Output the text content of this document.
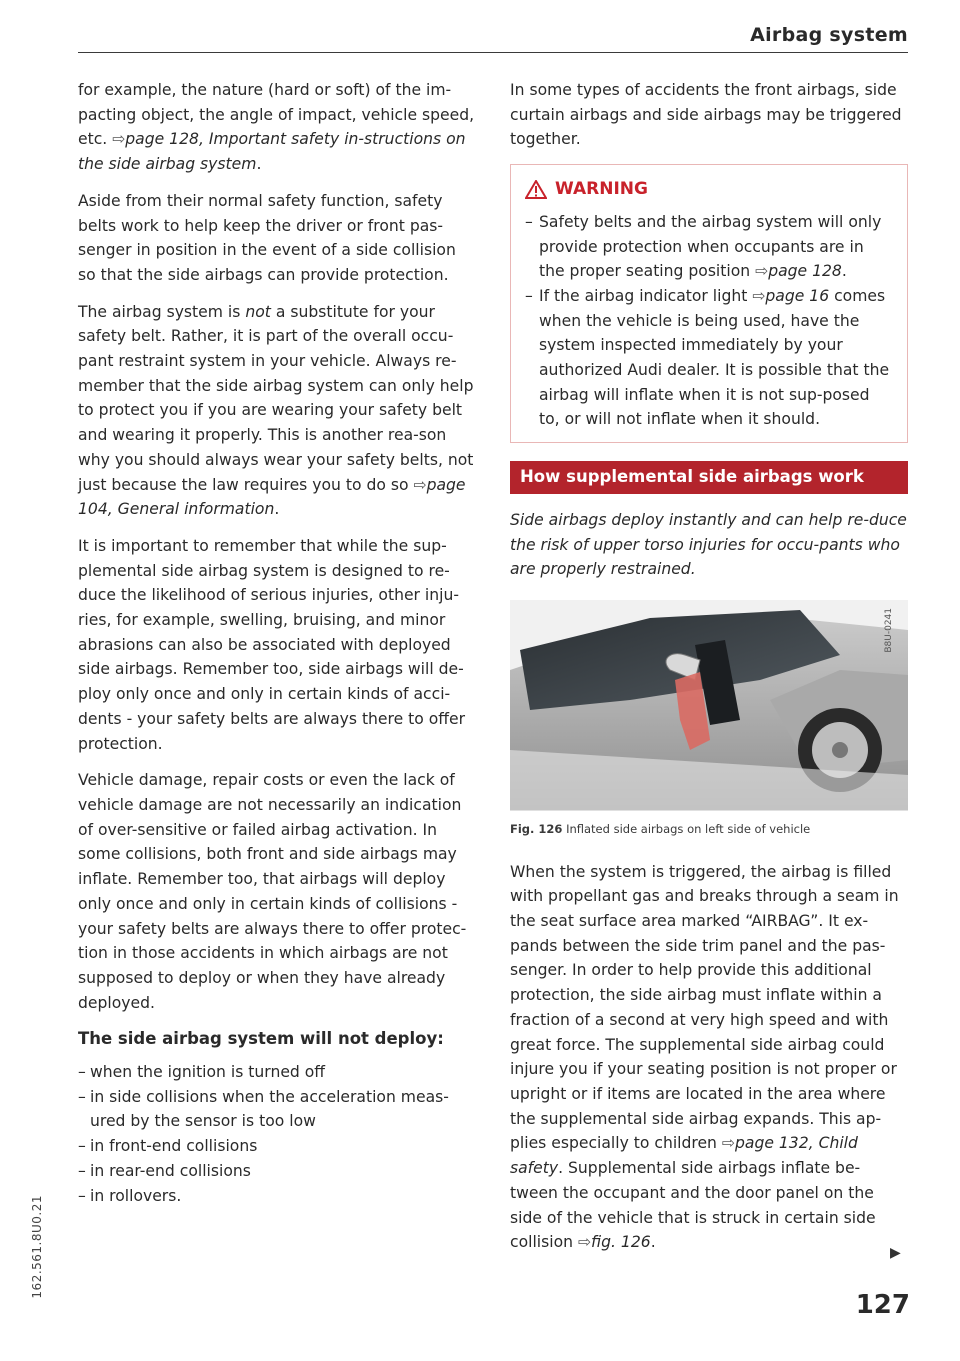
Airbag system

for example, the nature (hard or soft) of the im-pacting object, the angle of impact, vehicle speed, etc. ⇨page 128, Important safety in-structions on the side airbag system.

Aside from their normal safety function, safety belts work to help keep the driver or front pas-senger in position in the event of a side collision so that the side airbags can provide protection.

The airbag system is not a substitute for your safety belt. Rather, it is part of the overall occu-pant restraint system in your vehicle. Always re-member that the side airbag system can only help to protect you if you are wearing your safety belt and wearing it properly. This is another rea-son why you should always wear your safety belts, not just because the law requires you to do so ⇨page 104, General information.

It is important to remember that while the sup-plemental side airbag system is designed to re-duce the likelihood of serious injuries, other inju-ries, for example, swelling, bruising, and minor abrasions can also be associated with deployed side airbags. Remember too, side airbags will de-ploy only once and only in certain kinds of acci-dents - your safety belts are always there to offer protection.

Vehicle damage, repair costs or even the lack of vehicle damage are not necessarily an indication of over-sensitive or failed airbag activation. In some collisions, both front and side airbags may inflate. Remember too, that airbags will deploy only once and only in certain kinds of collisions - your safety belts are always there to offer protec-tion in those accidents in which airbags are not supposed to deploy or when they have already deployed.

The side airbag system will not deploy:
– when the ignition is turned off
– in side collisions when the acceleration meas-ured by the sensor is too low
– in front-end collisions
– in rear-end collisions
– in rollovers.

In some types of accidents the front airbags, side curtain airbags and side airbags may be triggered together.

WARNING
– Safety belts and the airbag system will only provide protection when occupants are in the proper seating position ⇨page 128.
– If the airbag indicator light ⇨page 16 comes when the vehicle is being used, have the system inspected immediately by your authorized Audi dealer. It is possible that the airbag will inflate when it is not sup-posed to, or will not inflate when it should.
How supplemental side airbags work
Side airbags deploy instantly and can help re-duce the risk of upper torso injuries for occu-pants who are properly restrained.
B8U-0241
Fig. 126 Inflated side airbags on left side of vehicle

When the system is triggered, the airbag is filled with propellant gas and breaks through a seam in the seat surface area marked “AIRBAG”. It ex-pands between the side trim panel and the pas-senger. In order to help provide this additional protection, the side airbag must inflate within a fraction of a second at very high speed and with great force. The supplemental side airbag could injure you if your seating position is not proper or upright or if items are located in the area where the supplemental side airbag expands. This ap-plies especially to children ⇨page 132, Child safety. Supplemental side airbags inflate be-tween the occupant and the door panel on the side of the vehicle that is struck in certain side collision ⇨fig. 126.

▶
127
162.561.8U0.21
